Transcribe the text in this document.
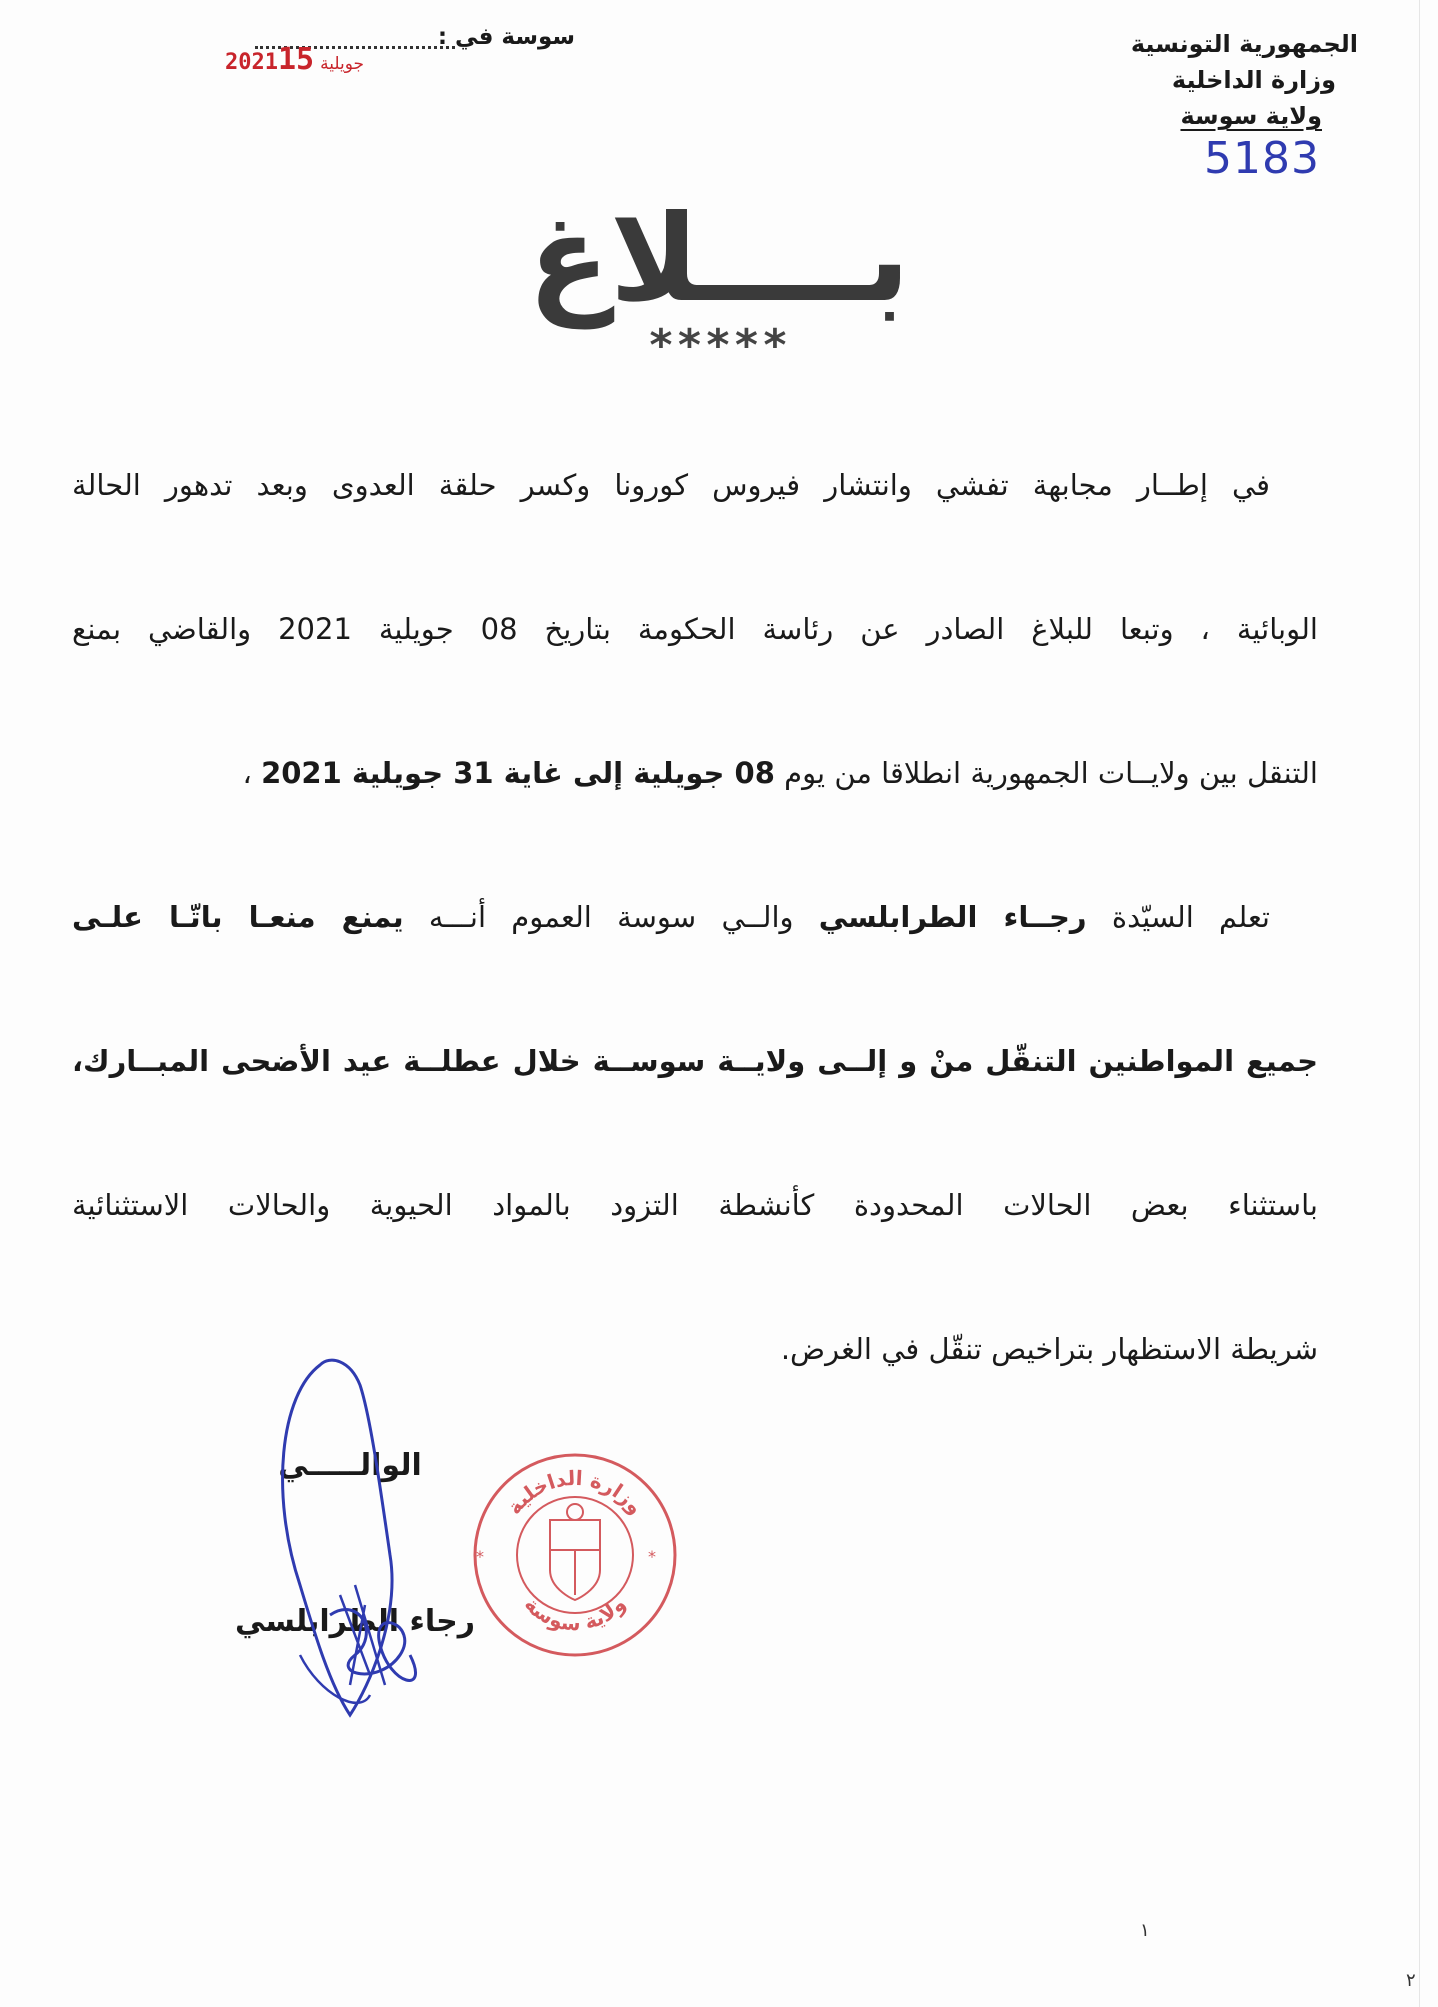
الجمهورية التونسية
وزارة الداخلية
ولاية سوسة
5183
سوسة في :
2021 جويلية15
بــــلاغ
*****
في إطــار مجابهة تفشي وانتشار فيروس كورونا وكسر حلقة العدوى وبعد تدهور الحالة
الوبائية ، وتبعا للبلاغ الصادر عن رئاسة الحكومة بتاريخ 08 جويلية 2021 والقاضي بمنع
التنقل بين ولايــات الجمهورية انطلاقا من يوم 08 جويلية إلى غاية 31 جويلية 2021 ،
تعلم السيّدة رجــاء الطرابلسي والــي سوسة العموم أنـــه يمنع منعـا باتّـا علـى
جميع المواطنين التنقّل منْ و إلــى ولايــة سوســة خلال عطلــة عيد الأضحى المبــارك،
باستثناء بعض الحالات المحدودة كأنشطة التزود بالمواد الحيوية والحالات الاستثنائية
شريطة الاستظهار بتراخيص تنقّل في الغرض.
الوالـــــي
رجاء الطرابلسي
وزارة الداخلية
ولاية سوسة
*	*
١
٢
